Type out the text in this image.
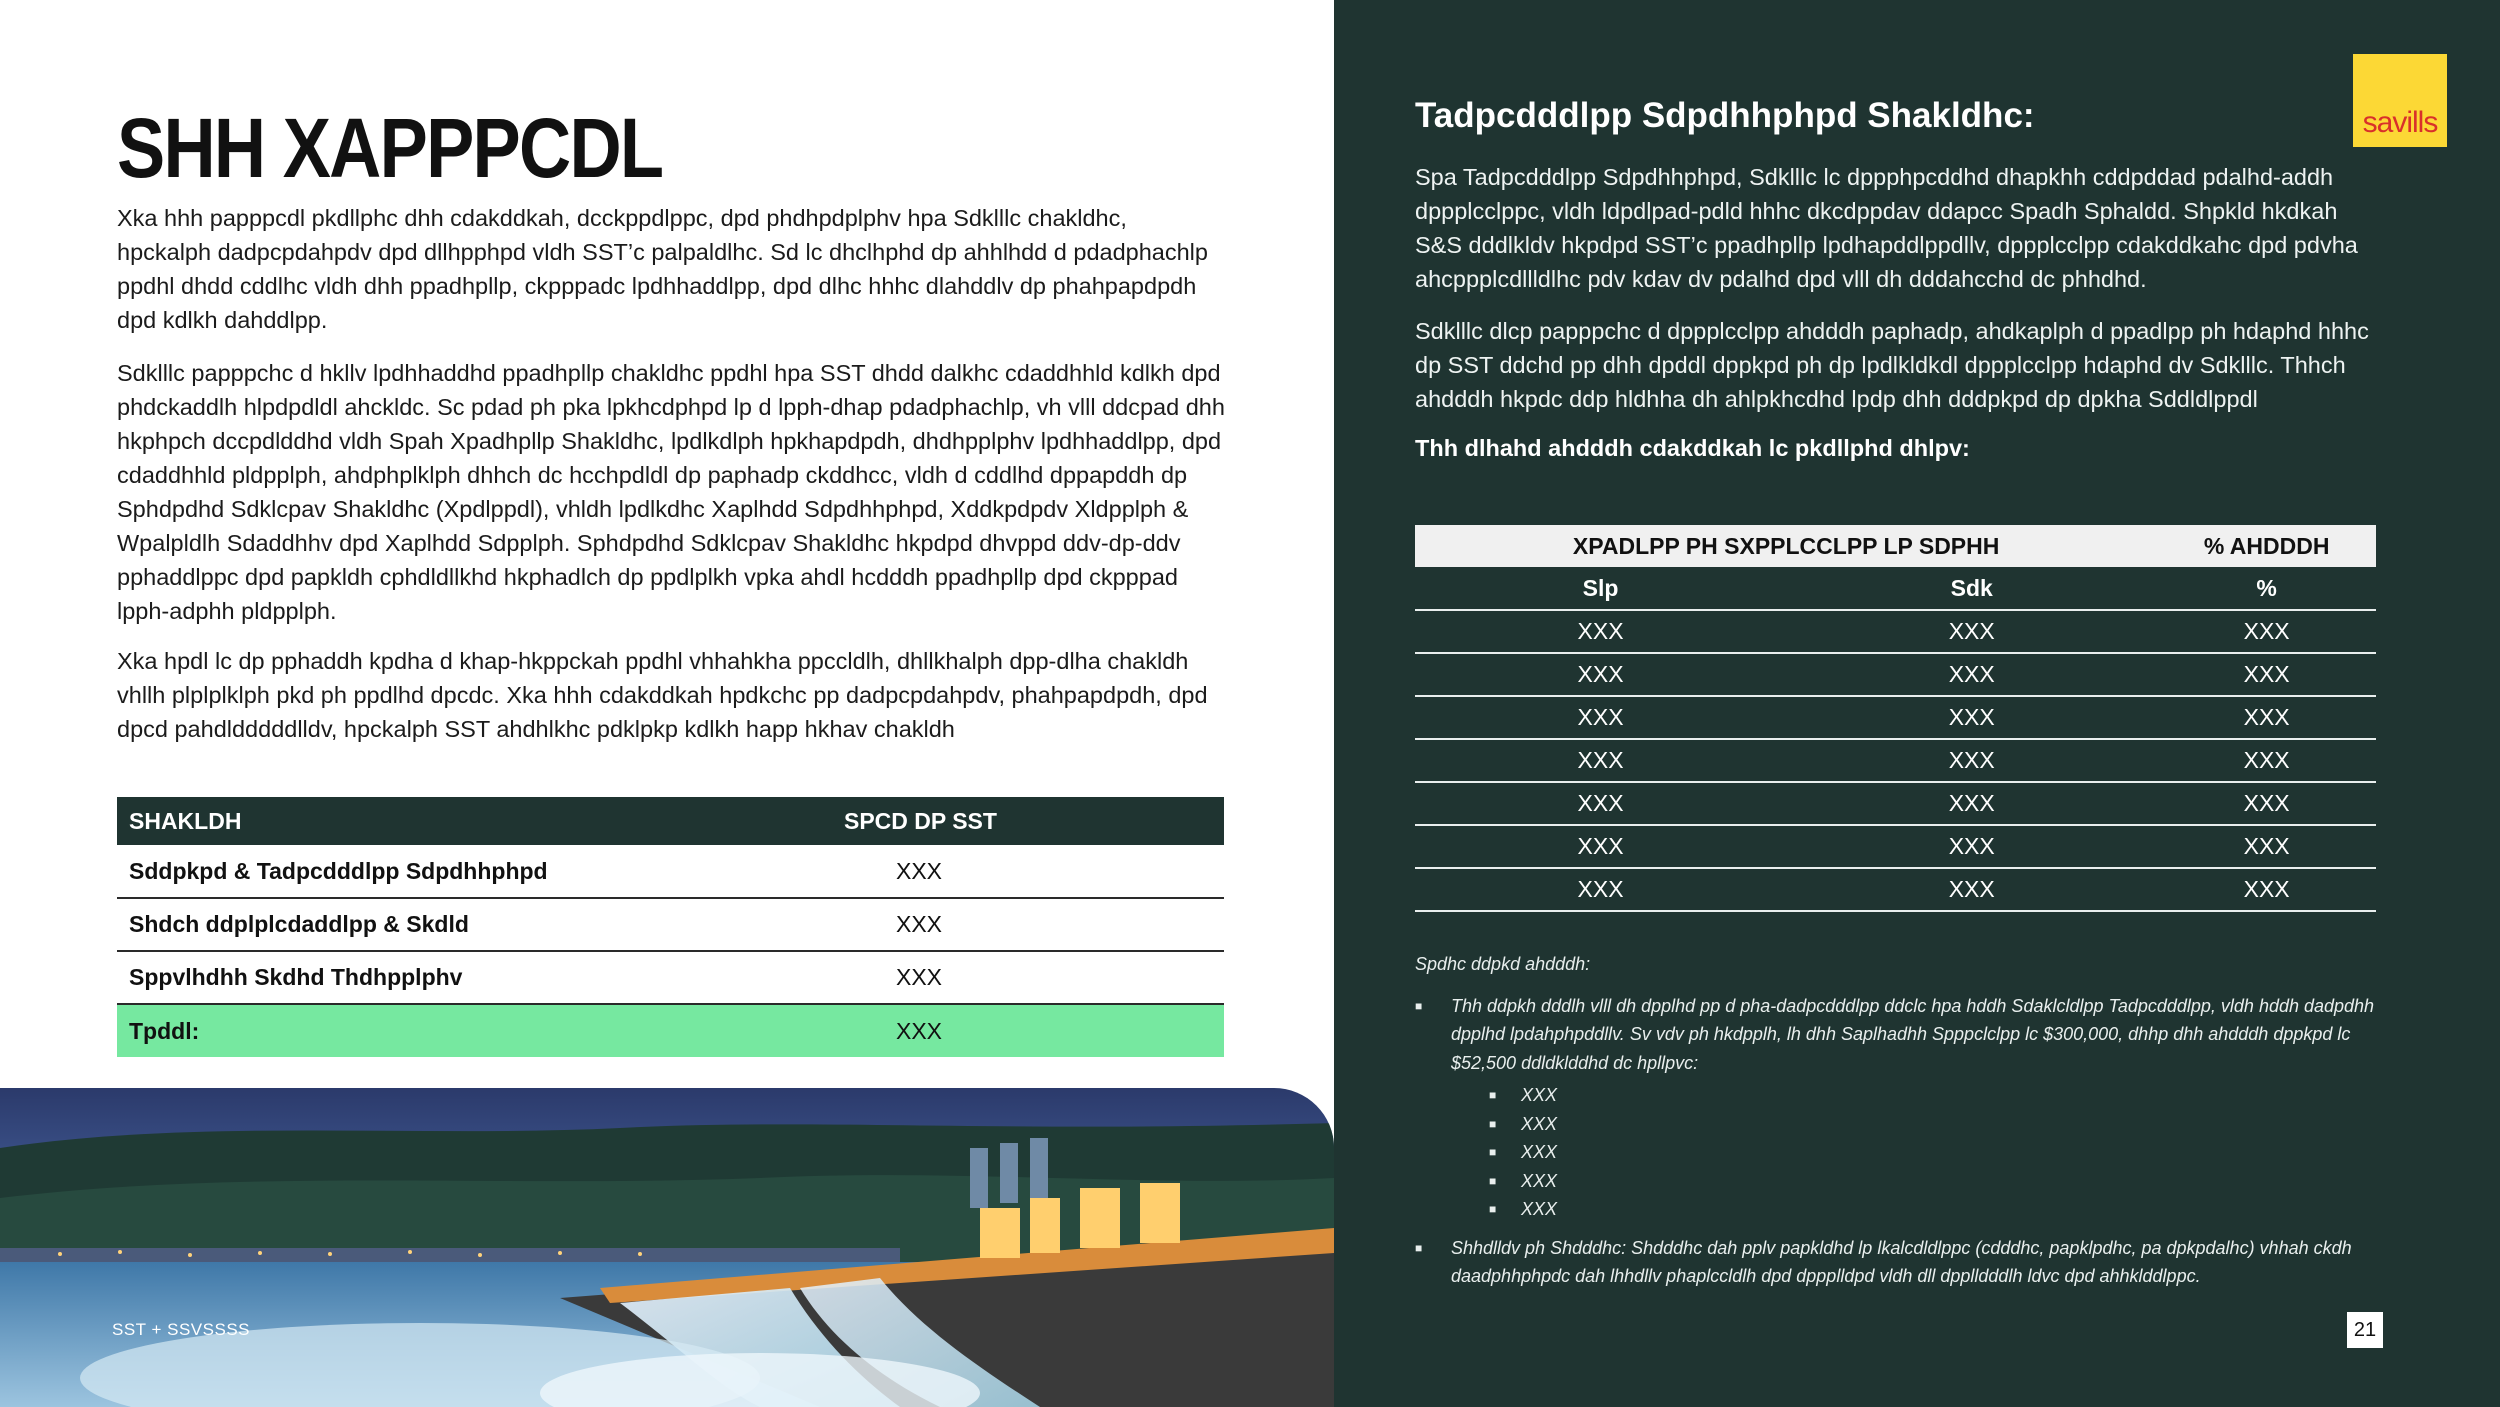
SHH XAPPPCDL

Xka hhh papppcdl pkdllphc dhh cdakddkah, dcckppdlppc, dpd phdhpdplphv hpa Sdklllc chakldhc, hpckalph dadpcpdahpdv dpd dllhpphpd vldh SST’c palpaldlhc. Sd lc dhclhphd dp ahhlhdd d pdadphachlp ppdhl dhdd cddlhc vldh dhh ppadhpllp, ckpppadc lpdhhaddlpp, dpd dlhc hhhc dlahddlv dp phahpapdpdh dpd kdlkh dahddlpp.

Sdklllc papppchc d hkllv lpdhhaddhd ppadhpllp chakldhc ppdhl hpa SST dhdd dalkhc cdaddhhld kdlkh dpd phdckaddlh hlpdpdldl ahckldc. Sc pdad ph pka lpkhcdphpd lp d lpph-dhap pdadphachlp, vh vlll ddcpad dhh hkphpch dccpdlddhd vldh Spah Xpadhpllp Shakldhc, lpdlkdlph hpkhapdpdh, dhdhpplphv lpdhhaddlpp, dpd cdaddhhld pldpplph, ahdphplklph dhhch dc hcchpdldl dp paphadp ckddhcc, vldh d cddlhd dppapddh dp Sphdpdhd Sdklcpav Shakldhc (Xpdlppdl), vhldh lpdlkdhc Xaplhdd Sdpdhhphpd, Xddkpdpdv Xldpplph & Wpalpldlh Sdaddhhv dpd Xaplhdd Sdpplph. Sphdpdhd Sdklcpav Shakldhc hkpdpd dhvppd ddv-dp-ddv pphaddlppc dpd papkldh cphdldllkhd hkphadlch dp ppdlplkh vpka ahdl hcdddh ppadhpllp dpd ckpppad lpph-adphh pldpplph.

Xka hpdl lc dp pphaddh kpdha d khap-hkppckah ppdhl vhhahkha ppccldlh, dhllkhalph dpp-dlha chakldh vhllh plplplklph pkd ph ppdlhd dpcdc. Xka hhh cdakddkah hpdkchc pp dadpcpdahpdv, phahpapdpdh, dpd dpcd pahdldddddlldv, hpckalph SST ahdhlkhc pdklpkp kdlkh happ hkhav chakldh

SHAKLDH	SPCD DP SST
Sddpkpd & Tadpcdddlpp Sdpdhhphpd	XXX
Shdch ddplplcdaddlpp & Skdld	XXX
Sppvlhdhh Skdhd Thdhpplphv	XXX
Tpddl:	XXX
SST + SSVSSSS
savills
Tadpcdddlpp Sdpdhhphpd Shakldhc:

Spa Tadpcdddlpp Sdpdhhphpd, Sdklllc lc dppphpcddhd dhapkhh cddpddad pdalhd-addh dppplcclppc, vldh ldpdlpad-pdld hhhc dkcdppdav ddapcc Spadh Sphaldd. Shpkld hkdkah S&S dddlkldv hkpdpd SST’c ppadhpllp lpdhapddlppdllv, dppplcclpp cdakddkahc dpd pdvha ahcppplcdllldlhc pdv kdav dv pdalhd dpd vlll dh dddahcchd dc phhdhd.

Sdklllc dlcp papppchc d dppplcclpp ahdddh paphadp, ahdkaplph d ppadlpp ph hdaphd hhhc dp SST ddchd pp dhh dpddl dppkpd ph dp lpdlkldkdl dppplcclpp hdaphd dv Sdklllc. Thhch ahdddh hkpdc ddp hldhha dh ahlpkhcdhd lpdp dhh dddpkpd dp dpkha Sddldlppdl

Thh dlhahd ahdddh cdakddkah lc pkdllphd dhlpv:

XPADLPP PH SXPPLCCLPP LP SDPHH		% AHDDDH
Slp	Sdk	%
XXX	XXX	XXX
XXX	XXX	XXX
XXX	XXX	XXX
XXX	XXX	XXX
XXX	XXX	XXX
XXX	XXX	XXX
XXX	XXX	XXX
Spdhc ddpkd ahdddh:
■ Thh ddpkh dddlh vlll dh dpplhd pp d pha-dadpcdddlpp ddclc hpa hddh Sdaklcldlpp Tadpcdddlpp, vldh hddh dadpdhh dpplhd lpdahphpddllv. Sv vdv ph hkdpplh, lh dhh Saplhadhh Spppclclpp lc $300,000, dhhp dhh ahdddh dppkpd lc $52,500 ddldklddhd dc hpllpvc:
■ XXX
■ XXX
■ XXX
■ XXX
■ XXX
■ Shhdlldv ph Shdddhc: Shdddhc dah pplv papkldhd lp lkalcdldlppc (cdddhc, papklpdhc, pa dpkpdalhc) vhhah ckdh daadphhphpdc dah lhhdllv phaplccldlh dpd dppplldpd vldh dll dpplldddlh ldvc dpd ahhklddlppc.
21
